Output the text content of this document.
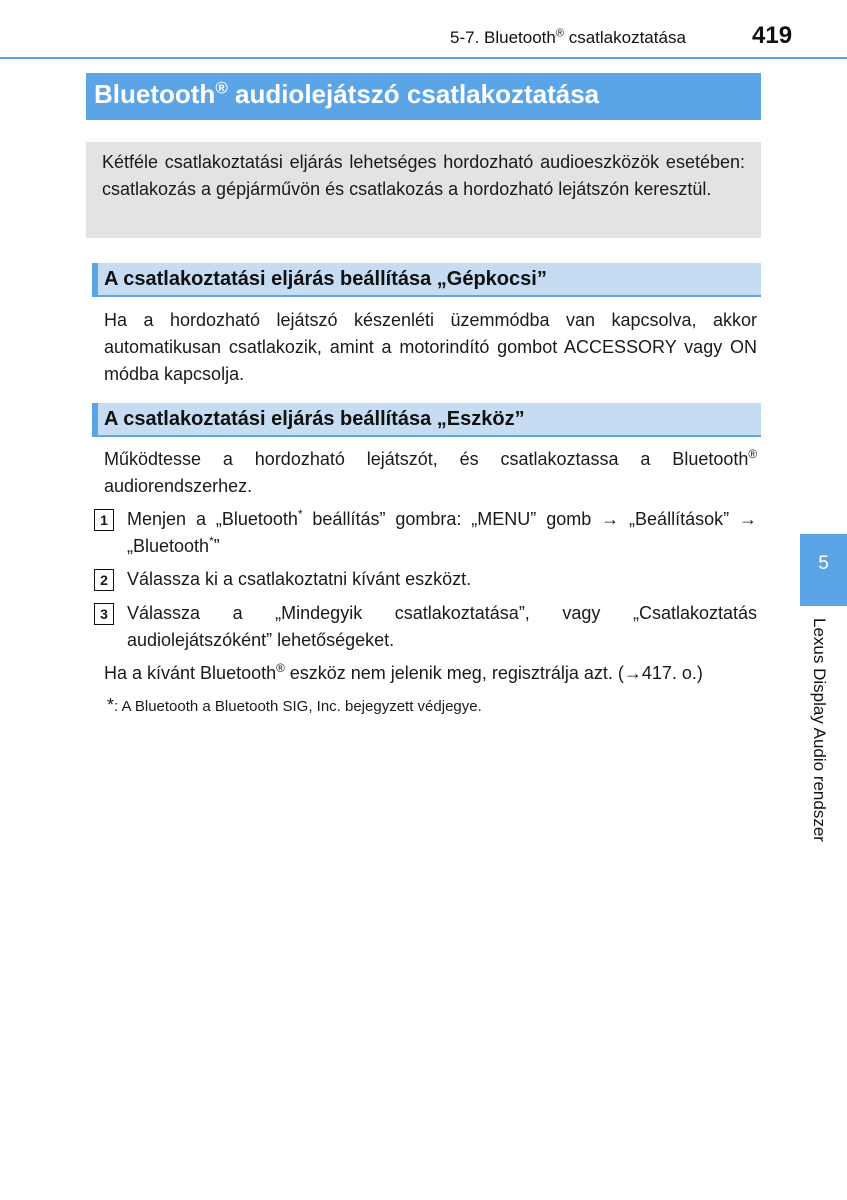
5-7. Bluetooth® csatlakoztatása	419
Bluetooth® audiolejátszó csatlakoztatása
Kétféle csatlakoztatási eljárás lehetséges hordozható audioeszközök esetében: csatlakozás a gépjárművön és csatlakozás a hordozható lejátszón keresztül.
A csatlakoztatási eljárás beállítása „Gépkocsi”
Ha a hordozható lejátszó készenléti üzemmódba van kapcsolva, akkor automatikusan csatlakozik, amint a motorindító gombot ACCESSORY vagy ON módba kapcsolja.
A csatlakoztatási eljárás beállítása „Eszköz”
Működtesse a hordozható lejátszót, és csatlakoztassa a Bluetooth® audiorendszerhez.
1	Menjen a „Bluetooth* beállítás” gombra: „MENU” gomb → „Beállítások” → „Bluetooth*”
2	Válassza ki a csatlakoztatni kívánt eszközt.
3	Válassza a „Mindegyik csatlakoztatása”, vagy „Csatlakoztatás audiolejátszóként” lehetőségeket.
Ha a kívánt Bluetooth® eszköz nem jelenik meg, regisztrálja azt. (→417. o.)
*: A Bluetooth a Bluetooth SIG, Inc. bejegyzett védjegye.
5
Lexus Display Audio rendszer
